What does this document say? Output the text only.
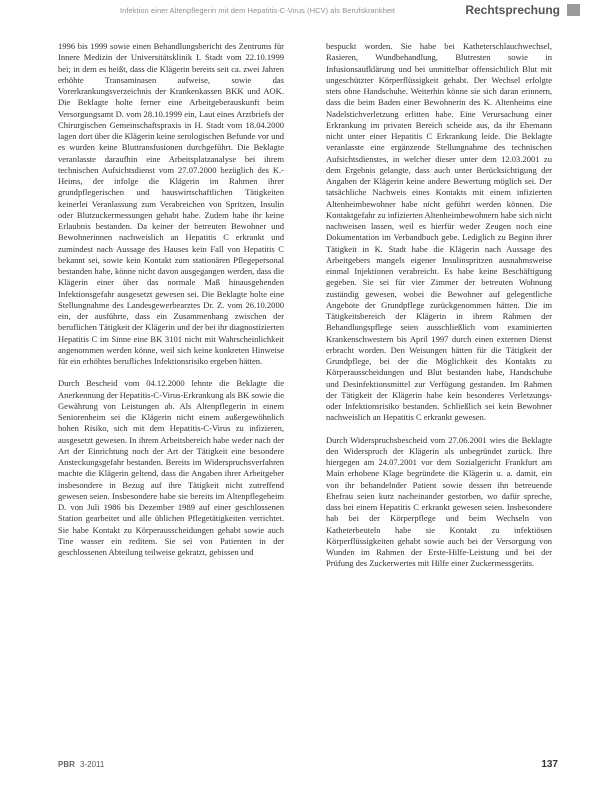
Infektion einer Altenpflegerin mit dem Hepatitis-C-Virus (HCV) als Berufskrankheit	Rechtsprechung

1996 bis 1999 sowie einen Behandlungsbericht des Zentrums für Innere Medizin der Universitätsklinik I. Stadt vom 22.10.1999 bei; in dem es heißt, dass die Klägerin bereits seit ca. zwei Jahren erhöhte Transaminasen aufweise, sowie das Vorerkrankungsverzeichnis der Krankenkassen BKK und AOK. Die Beklagte holte ferner eine Arbeitgeberauskunft beim Versorgungsamt D. vom 28.10.1999 ein, Laut eines Arztbriefs der Chirurgischen Gemeinschaftspraxis in H. Stadt vom 18.04.2000 lagen dort über die Klägerin keine serologischen Befunde vor und es wurden keine Bluttransfusionen durchgeführt. Die Beklagte veranlasste daraufhin eine Arbeitsplatzanalyse bei ihrem technischen Aufsichtsdienst vom 27.07.2000 bezüglich des K.-Heims, der infolge die Klägerin im Rahmen ihrer grundpflegerischen und hauswirtschaftlichen Tätigkeiten keinerlei Veranlassung zum Verabreichen von Spritzen, Insulin oder Blutzuckermessungen gehabt habe. Zudem habe ihr keine Erlaubnis bestanden. Da keiner der betreuten Bewohner und Bewohnerinnen nachweislich an Hepatitis C erkrankt und zumindest nach Aussage des Hauses kein Fall von Hepatitis C bekannt sei, sowie kein Kontakt zum stationären Pflegepersonal bestanden habe, könne nicht davon ausgegangen werden, dass die Klägerin einer über das normale Maß hinausgehenden Infektionsgefahr ausgesetzt gewesen sei. Die Beklagte holte eine Stellungnahme des Landesgewerbearztes Dr. Z. vom 26.10.2000 ein, der ausführte, dass ein Zusammenhang zwischen der beruflichen Tätigkeit der Klägerin und der bei ihr diagnostizierten Hepatitis C im Sinne eine BK 3101 nicht mit Wahrscheinlichkeit angenommen werden könne, weil sich keine konkreten Hinweise für ein erhöhtes berufliches Infektionsrisiko ergeben hätten.

Durch Bescheid vom 04.12.2000 lehnte die Beklagte die Anerkennung der Hepatitis-C-Virus-Erkrankung als BK sowie die Gewährung von Leistungen ab. Als Altenpflegerin in einem Seniorenheim sei die Klägerin nicht einem außergewöhnlich hohen Risiko, sich mit dem Hepatitis-C-Virus zu infizieren, ausgesetzt gewesen. In ihrem Arbeitsbereich habe weder nach der Art der Einrichtung noch der Art der Tätigkeit eine besondere Ansteckungsgefahr bestanden. Bereits im Widerspruchsverfahren machte die Klägerin geltend, dass die Angaben ihrer Arbeitgeber insbesondere in Bezug auf ihre Tätigkeit nicht zutreffend gewesen seien. Insbesondere habe sie bereits im Altenpflegeheim D. von Juli 1986 bis Dezember 1989 auf einer geschlossenen Station gearbeitet und alle üblichen Pflegetätigkeiten verrichtet. Sie habe Kontakt zu Körperausscheidungen gehabt sowie auch Tine wasser ein reditem. Sie sei von Patienten in der geschlossenen Abteilung teilweise gekratzt, gebissen und

bespuckt worden. Sie habe bei Katheterschlauchwechsel, Rasieren, Wundbehandlung, Blutresten sowie in Infusionsaufklärung und bei unmittelbar offensichtlich Blut mit ungeschützter Körperflüssigkeit gehabt. Der Wechsel erfolgte stets ohne Handschuhe. Weiterhin könne sie sich daran erinnern, dass die beim Baden einer Bewohnerin des K. Altenheims eine Nadelstichverletzung erlitten habe. Eine Verursachung einer Erkrankung im privaten Bereich scheide aus, da ihr Ehemann nicht unter einer Hepatitis C Erkrankung leide. Die Beklagte veranlasste eine ergänzende Stellungnahme des technischen Aufsichtsdienstes, in welcher dieser unter dem 12.03.2001 zu dem Ergebnis gelangte, dass auch unter Berücksichtigung der Angaben der Klägerin keine andere Bewertung möglich sei. Der tatsächliche Nachweis eines Kontakts mit einem infizierten Altenheimbewohner habe nicht geführt werden können. Die Kontaktgefahr zu infizierten Altenheimbewohnern habe sich nicht nachweisen lassen, weil es hierfür weder Zeugen noch eine Dokumentation im Verbandbuch gebe. Lediglich zu Beginn ihrer Tätigkeit in K. Stadt habe die Klägerin nach Aussage des Arbeitgebers mangels eigener Insulinspritzen ausnahmsweise einmal Injektionen verabreicht. Es habe keine Beschäftigung gegeben. Sie sei für vier Zimmer der betreuten Wohnung zuständig gewesen, wobei die Bewohner auf gelegentliche Angebote der Grundpflege zurückgenommen hätten. Die im Tätigkeitsbereich der Klägerin in ihrem Rahmen der Behandlungspflege seien ausschließlich vom examinierten Krankenschwestern bis April 1997 durch einen externen Dienst erbracht worden. Den Weisungen hätten für die Tätigkeit der Grundpflege, bei der die Möglichkeit des Kontakts zu Körperausscheidungen und Blut bestanden habe, Handschuhe und Desinfektionsmittel zur Verfügung gestanden. Im Rahmen der Tätigkeit der Klägerin habe kein besonderes Verletzungs- oder Infektionsrisiko bestanden. Schließlich sei kein Bewohner nachweislich an Hepatitis C erkrankt gewesen.

Durch Widerspruchsbescheid vom 27.06.2001 wies die Beklagte den Widerspruch der Klägerin als unbegründet zurück. Ihre hiergegen am 24.07.2001 vor dem Sozialgericht Frankfurt am Main erhobene Klage begründete die Klägerin u. a. damit, ein von ihr behandelnder Patient sowie dessen ihn betreuende Ehefrau seien kurz nacheinander gestorben, wo dafür spreche, dass bei einem Hepatitis C erkrankt gewesen seien. Insbesondere hab bei der Körperpflege und beim Wechseln von Katheterbeuteln habe sie Kontakt zu infektiösen Körperflüssigkeiten gehabt sowie auch bei der Versorgung von Wunden im Rahmen der Erste-Hilfe-Leistung und bei der Prüfung des Zuckerwertes mit Hilfe einer Zuckermessgeräts.

PBR 3-2011	137
